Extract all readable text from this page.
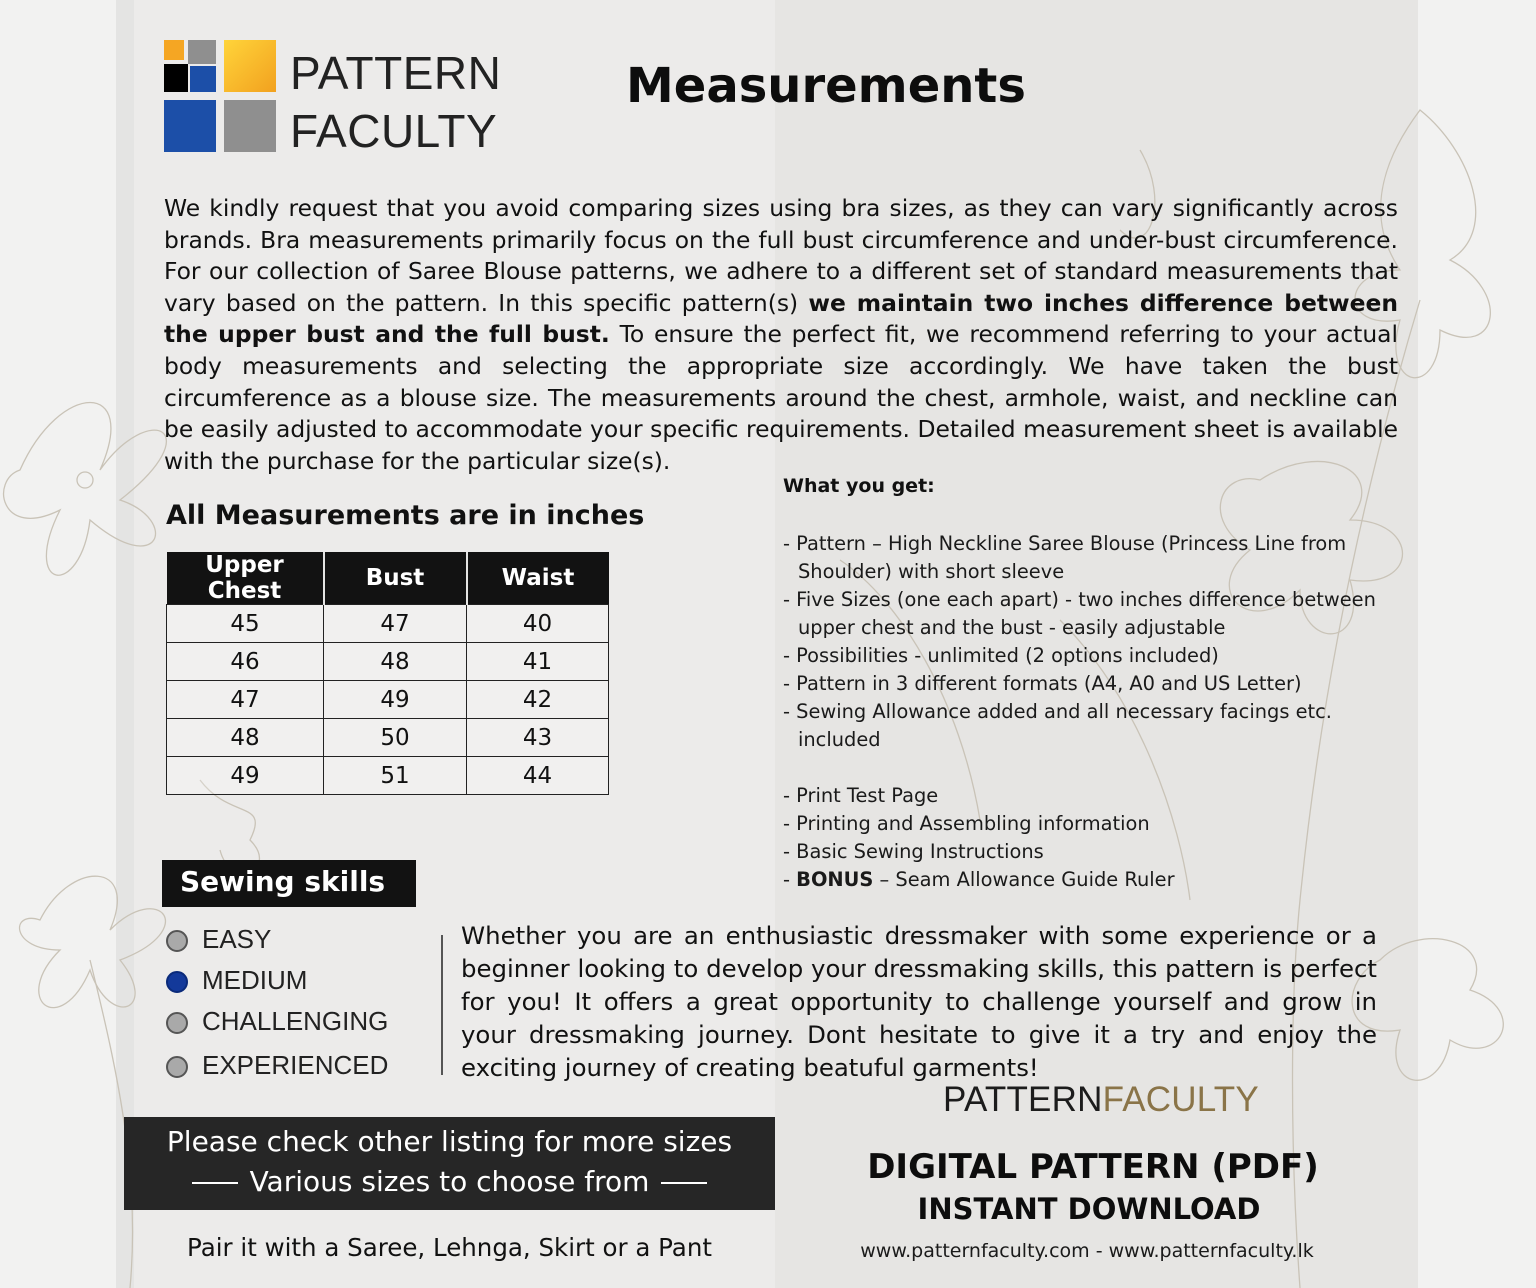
PATTERN
FACULTY
Measurements

We kindly request that you avoid comparing sizes using bra sizes, as they can vary significantly across brands. Bra measurements primarily focus on the full bust circumference and under-bust circumference. For our collection of Saree Blouse patterns, we adhere to a different set of standard measurements that vary based on the pattern. In this specific pattern(s) we maintain two inches difference between the upper bust and the full bust. To ensure the perfect fit, we recommend referring to your actual body measurements and selecting the appropriate size accordingly. We have taken the bust circumference as a blouse size. The measurements around the chest, armhole, waist, and neckline can be easily adjusted to accommodate your specific requirements. Detailed measurement sheet is available with the purchase for the particular size(s).

All Measurements are in inches
Upper Chest	Bust	Waist
45	47	40
46	48	41
47	49	42
48	50	43
49	51	44
What you get:
- Pattern – High Neckline Saree Blouse (Princess Line from Shoulder) with short sleeve
- Five Sizes (one each apart) - two inches difference between upper chest and the bust - easily adjustable
- Possibilities - unlimited (2 options included)
- Pattern in 3 different formats (A4, A0 and US Letter)
- Sewing Allowance added and all necessary facings etc. included
- Print Test Page
- Printing and Assembling information
- Basic Sewing Instructions
- BONUS – Seam Allowance Guide Ruler
Sewing skills
EASY
MEDIUM
CHALLENGING
EXPERIENCED

Whether you are an enthusiastic dressmaker with some experience or a beginner looking to develop your dressmaking skills, this pattern is perfect for you! It offers a great opportunity to challenge yourself and grow in your dressmaking journey. Dont hesitate to give it a try and enjoy the exciting journey of creating beatuful garments!

Please check other listing for more sizes
Various sizes to choose from

Pair it with a Saree, Lehnga, Skirt or a Pant

PATTERNFACULTY

DIGITAL PATTERN (PDF)

INSTANT DOWNLOAD

www.patternfaculty.com - www.patternfaculty.lk
